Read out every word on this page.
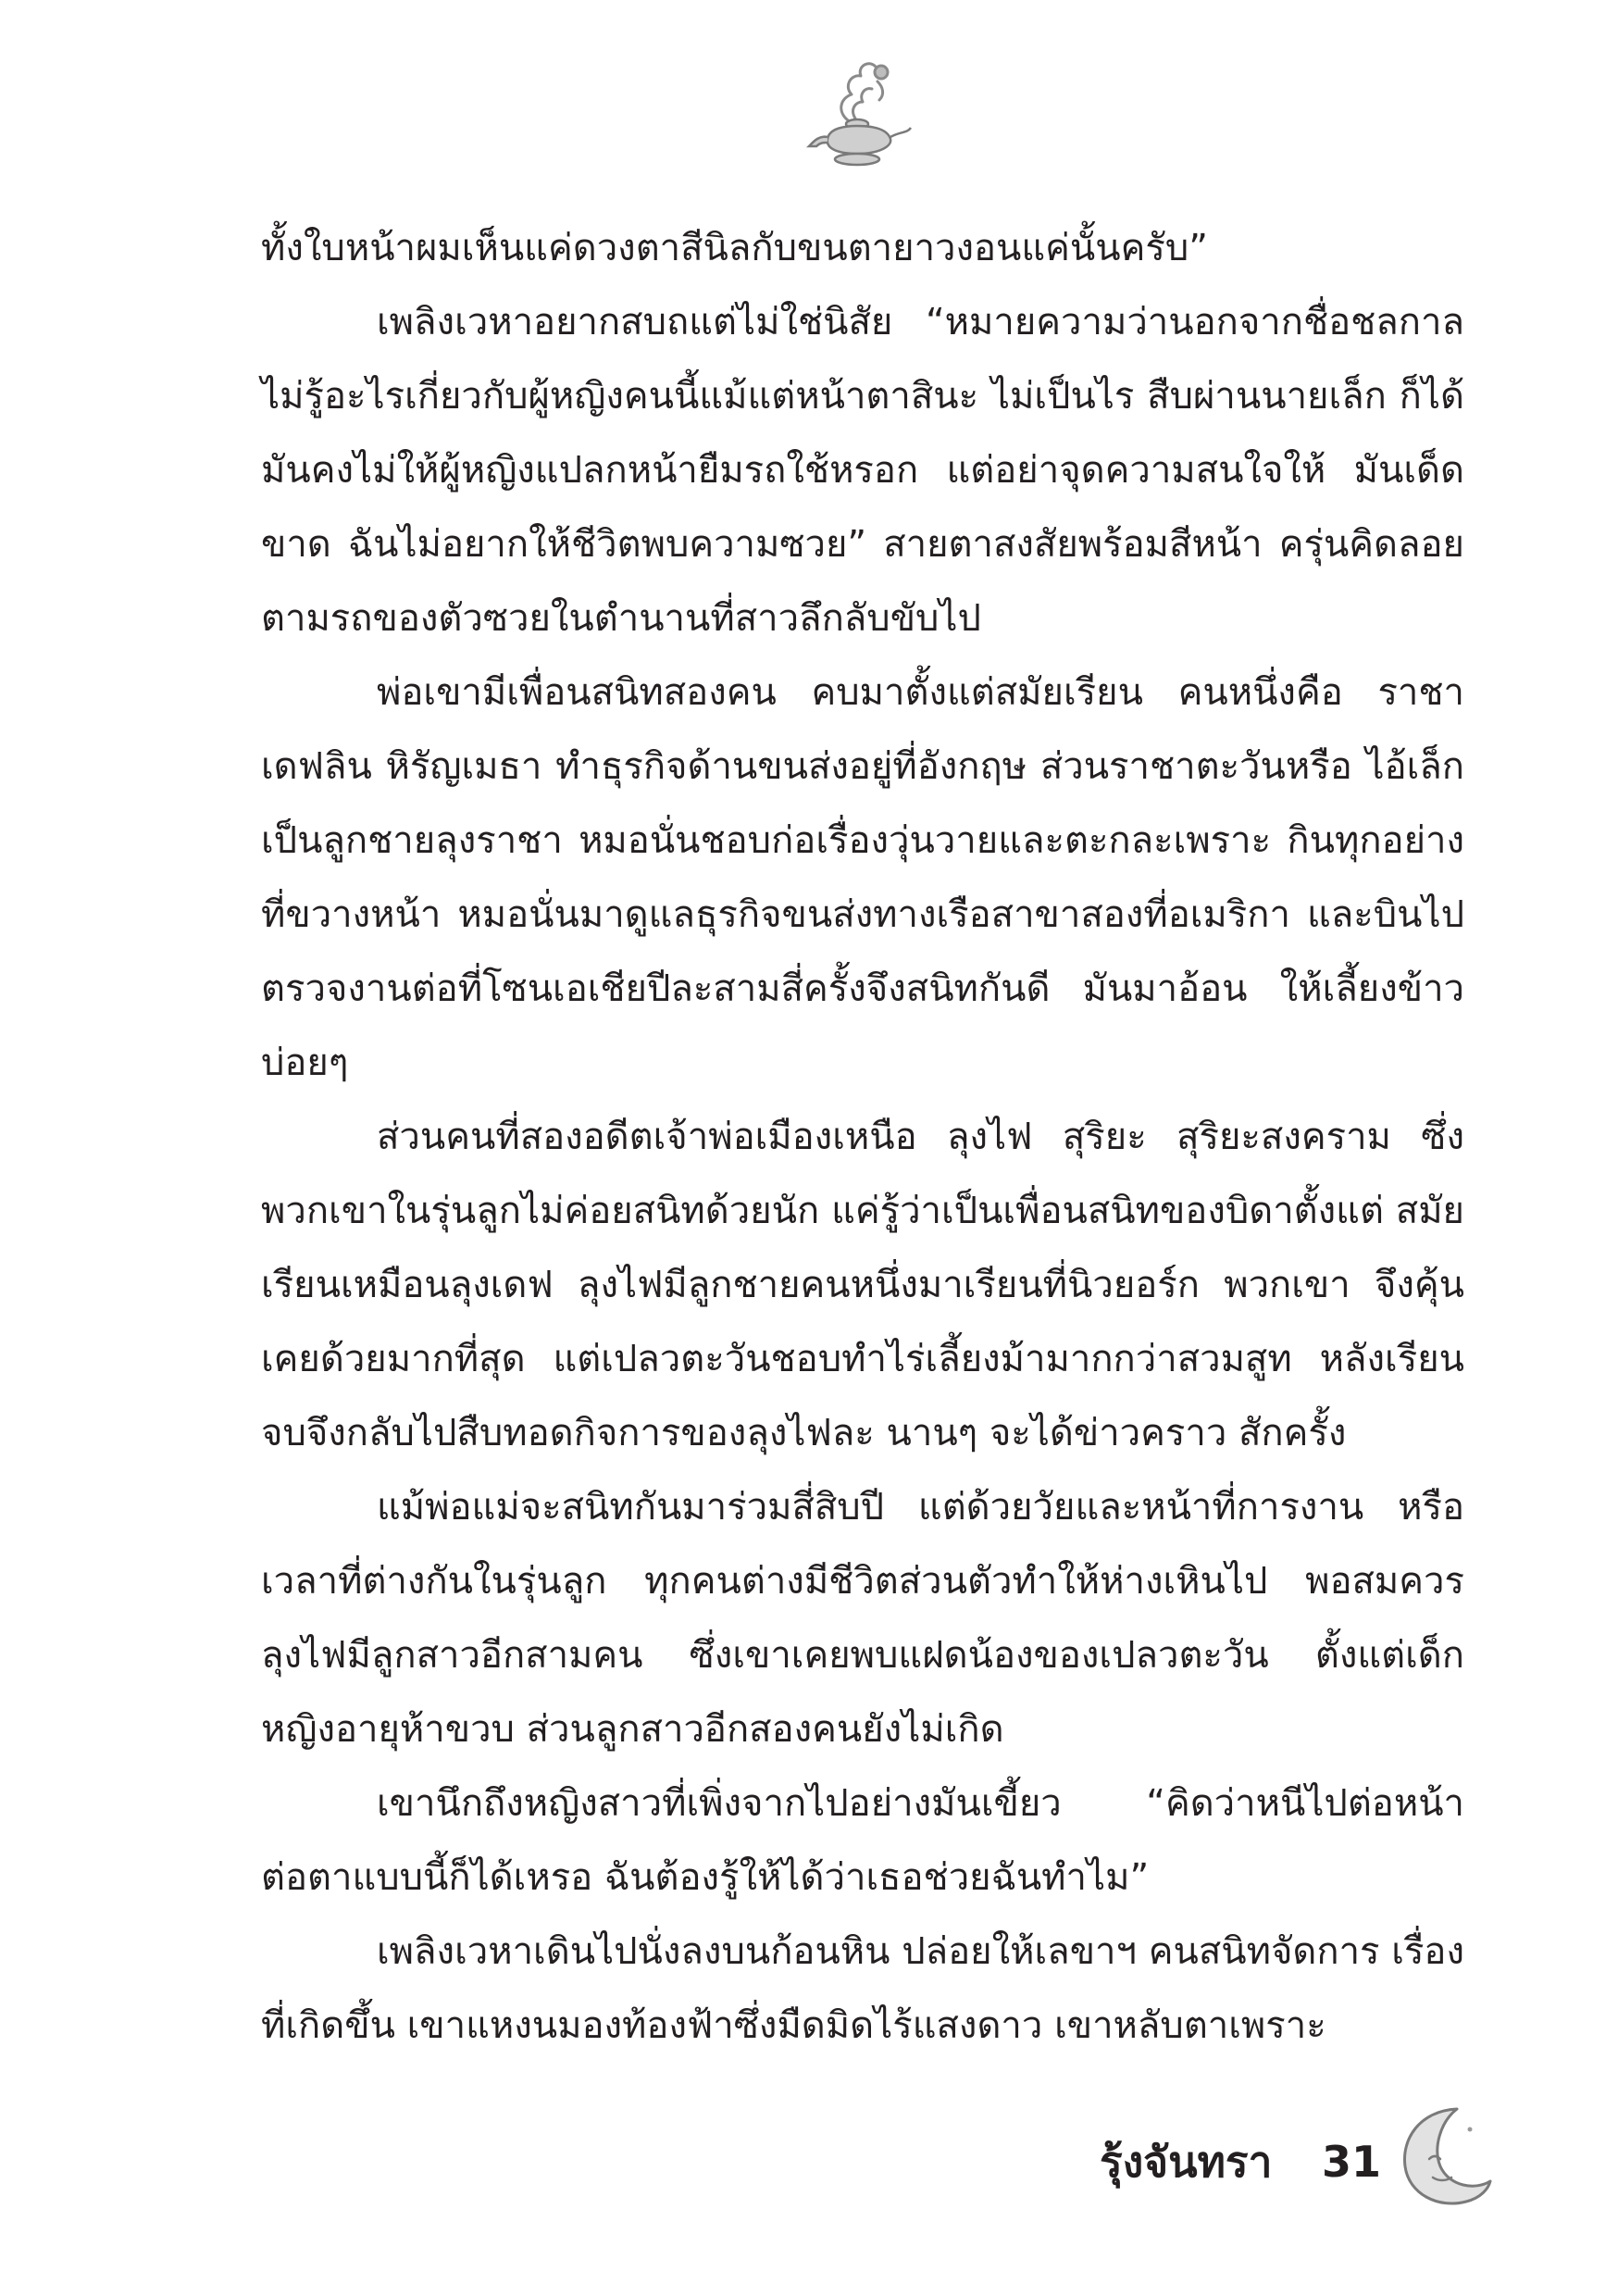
ทั้งใบหน้าผมเห็นแค่ดวงตาสีนิลกับขนตายาวงอนแค่นั้นครับ”

เพลิงเวหาอยากสบถแต่ไม่ใช่นิสัย “หมายความว่านอกจากชื่อชลกาล ไม่รู้อะไรเกี่ยวกับผู้หญิงคนนี้แม้แต่หน้าตาสินะ ไม่เป็นไร สืบผ่านนายเล็ก ก็ได้ มันคงไม่ให้ผู้หญิงแปลกหน้ายืมรถใช้หรอก แต่อย่าจุดความสนใจให้ มันเด็ดขาด ฉันไม่อยากให้ชีวิตพบความซวย” สายตาสงสัยพร้อมสีหน้า ครุ่นคิดลอยตามรถของตัวซวยในตำนานที่สาวลึกลับขับไป

พ่อเขามีเพื่อนสนิทสองคน คบมาตั้งแต่สมัยเรียน คนหนึ่งคือ ราชา เดฟลิน หิรัญเมธา ทำธุรกิจด้านขนส่งอยู่ที่อังกฤษ ส่วนราชาตะวันหรือ ไอ้เล็กเป็นลูกชายลุงราชา หมอนั่นชอบก่อเรื่องวุ่นวายและตะกละเพราะ กินทุกอย่างที่ขวางหน้า หมอนั่นมาดูแลธุรกิจขนส่งทางเรือสาขาสองที่อเมริกา และบินไปตรวจงานต่อที่โซนเอเชียปีละสามสี่ครั้งจึงสนิทกันดี มันมาอ้อน ให้เลี้ยงข้าวบ่อยๆ

ส่วนคนที่สองอดีตเจ้าพ่อเมืองเหนือ ลุงไฟ สุริยะ สุริยะสงคราม ซึ่ง พวกเขาในรุ่นลูกไม่ค่อยสนิทด้วยนัก แค่รู้ว่าเป็นเพื่อนสนิทของบิดาตั้งแต่ สมัยเรียนเหมือนลุงเดฟ ลุงไฟมีลูกชายคนหนึ่งมาเรียนที่นิวยอร์ก พวกเขา จึงคุ้นเคยด้วยมากที่สุด แต่เปลวตะวันชอบทำไร่เลี้ยงม้ามากกว่าสวมสูท หลังเรียนจบจึงกลับไปสืบทอดกิจการของลุงไฟละ นานๆ จะได้ข่าวคราว สักครั้ง

แม้พ่อแม่จะสนิทกันมาร่วมสี่สิบปี แต่ด้วยวัยและหน้าที่การงาน หรือเวลาที่ต่างกันในรุ่นลูก ทุกคนต่างมีชีวิตส่วนตัวทำให้ห่างเหินไป พอสมควร ลุงไฟมีลูกสาวอีกสามคน ซึ่งเขาเคยพบแฝดน้องของเปลวตะวัน ตั้งแต่เด็กหญิงอายุห้าขวบ ส่วนลูกสาวอีกสองคนยังไม่เกิด

เขานึกถึงหญิงสาวที่เพิ่งจากไปอย่างมันเขี้ยว “คิดว่าหนีไปต่อหน้า ต่อตาแบบนี้ก็ได้เหรอ ฉันต้องรู้ให้ได้ว่าเธอช่วยฉันทำไม”

เพลิงเวหาเดินไปนั่งลงบนก้อนหิน ปล่อยให้เลขาฯ คนสนิทจัดการ เรื่องที่เกิดขึ้น เขาแหงนมองท้องฟ้าซึ่งมืดมิดไร้แสงดาว เขาหลับตาเพราะ

รุ้งจันทรา 31
